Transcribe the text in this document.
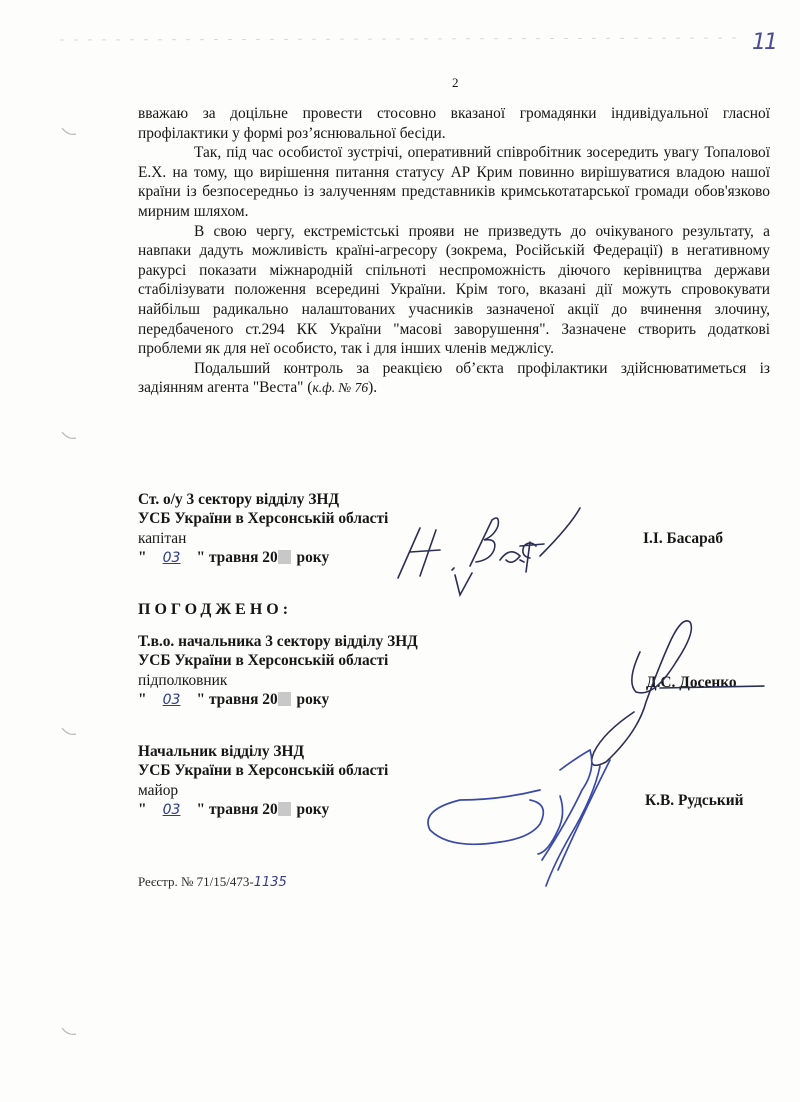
11
2

вважаю за доцільне провести стосовно вказаної громадянки індивідуальної гласної профілактики у формі роз’яснювальної бесіди.

Так, під час особистої зустрічі, оперативний співробітник зосередить увагу Топалової Е.Х. на тому, що вирішення питання статусу АР Крим повинно вирішуватися владою нашої країни із безпосередньо із залученням представників кримськотатарської громади обов'язково мирним шляхом.

В свою чергу, екстремістські прояви не призведуть до очікуваного результату, а навпаки дадуть можливість країні-агресору (зокрема, Російській Федерації) в негативному ракурсі показати міжнародній спільноті неспроможність діючого керівництва держави стабілізувати положення всередині України. Крім того, вказані дії можуть спровокувати найбільш радикально налаштованих учасників зазначеної акції до вчинення злочину, передбаченого ст.294 КК України "масові заворушення". Зазначене створить додаткові проблеми як для неї особисто, так і для інших членів меджлісу.

Подальший контроль за реакцією об’єкта профілактики здійснюватиметься із задіянням агента "Веста" (к.ф. № 76).

Ст. о/у 3 сектору відділу ЗНД
УСБ України в Херсонській області
капітан
" 03 " травня 20 року
І.І. Басараб
ПОГОДЖЕНО:
Т.в.о. начальника 3 сектору відділу ЗНД
УСБ України в Херсонській області
підполковник
" 03 " травня 20 року
Д.С. Досенко
Начальник відділу ЗНД
УСБ України в Херсонській області
майор
" 03 " травня 20 року
К.В. Рудський
Реєстр. № 71/15/473-1135
